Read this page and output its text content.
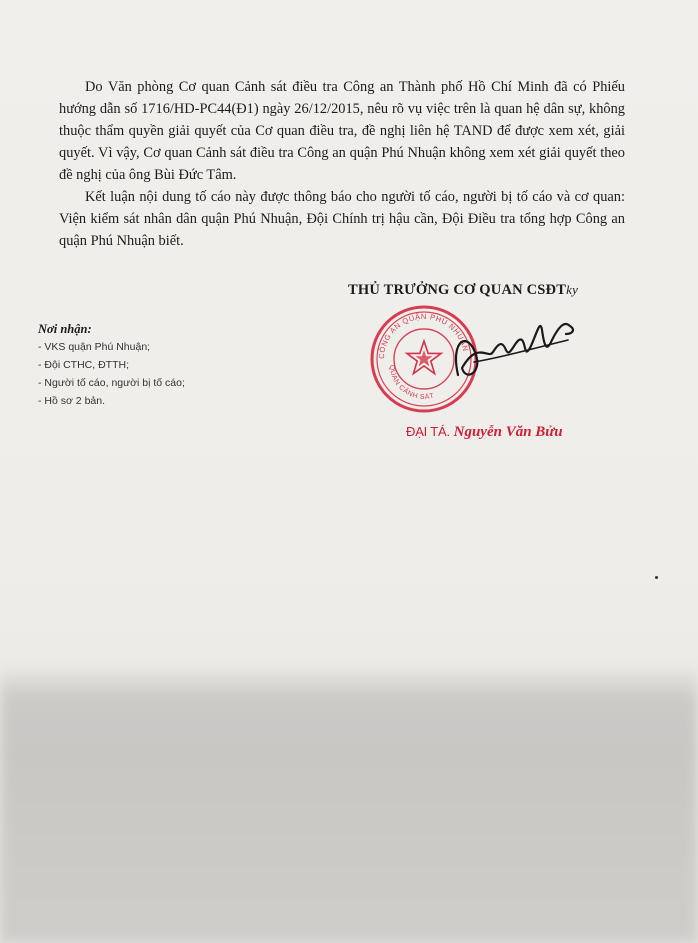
Do Văn phòng Cơ quan Cảnh sát điều tra Công an Thành phố Hồ Chí Minh đã có Phiếu hướng dẫn số 1716/HD-PC44(Đ1) ngày 26/12/2015, nêu rõ vụ việc trên là quan hệ dân sự, không thuộc thẩm quyền giải quyết của Cơ quan điều tra, đề nghị liên hệ TAND để được xem xét, giải quyết. Vì vậy, Cơ quan Cảnh sát điều tra Công an quận Phú Nhuận không xem xét giải quyết theo đề nghị của ông Bùi Đức Tâm.

Kết luận nội dung tố cáo này được thông báo cho người tố cáo, người bị tố cáo và cơ quan: Viện kiểm sát nhân dân quận Phú Nhuận, Đội Chính trị hậu cần, Đội Điều tra tổng hợp Công an quận Phú Nhuận biết.

THỦ TRƯỞNG CƠ QUAN CSĐTky
Nơi nhận:
- VKS quận Phú Nhuận;
- Đội CTHC, ĐTTH;
- Người tố cáo, người bị tố cáo;
- Hồ sơ 2 bản.
CÔNG AN QUẬN PHÚ NHUẬN
QUAN CẢNH SÁT
ĐẠI TÁ. Nguyễn Văn Bửu
